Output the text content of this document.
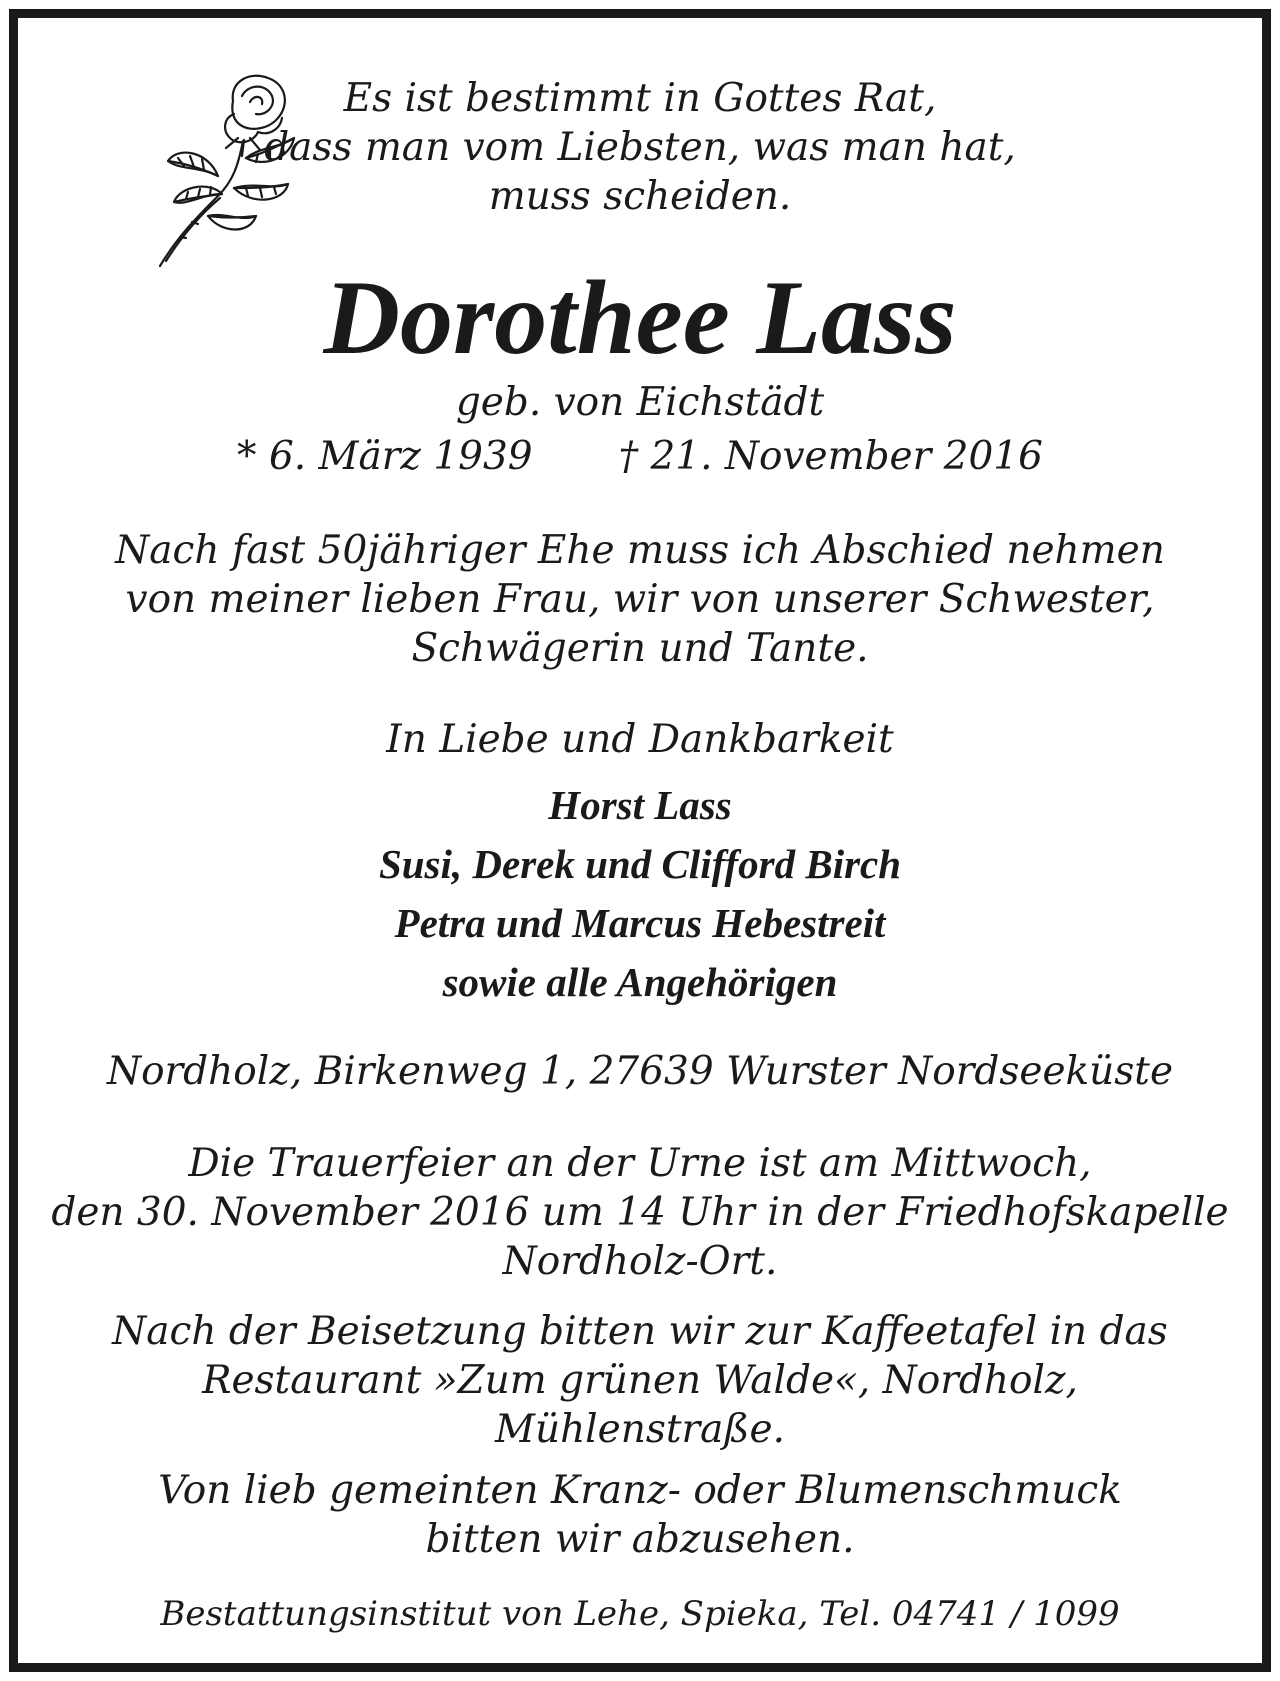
Es ist bestimmt in Gottes Rat,
dass man vom Liebsten, was man hat,
muss scheiden.
Dorothee Lass
geb. von Eichstädt
* 6. März 1939 † 21. November 2016
Nach fast 50jähriger Ehe muss ich Abschied nehmen
von meiner lieben Frau, wir von unserer Schwester,
Schwägerin und Tante.
In Liebe und Dankbarkeit
Horst Lass
Susi, Derek und Clifford Birch
Petra und Marcus Hebestreit
sowie alle Angehörigen
Nordholz, Birkenweg 1, 27639 Wurster Nordseeküste
Die Trauerfeier an der Urne ist am Mittwoch,
den 30. November 2016 um 14 Uhr in der Friedhofskapelle
Nordholz-Ort.
Nach der Beisetzung bitten wir zur Kaffeetafel in das
Restaurant »Zum grünen Walde«, Nordholz,
Mühlenstraße.
Von lieb gemeinten Kranz- oder Blumenschmuck
bitten wir abzusehen.
Bestattungsinstitut von Lehe, Spieka, Tel. 04741 / 1099
